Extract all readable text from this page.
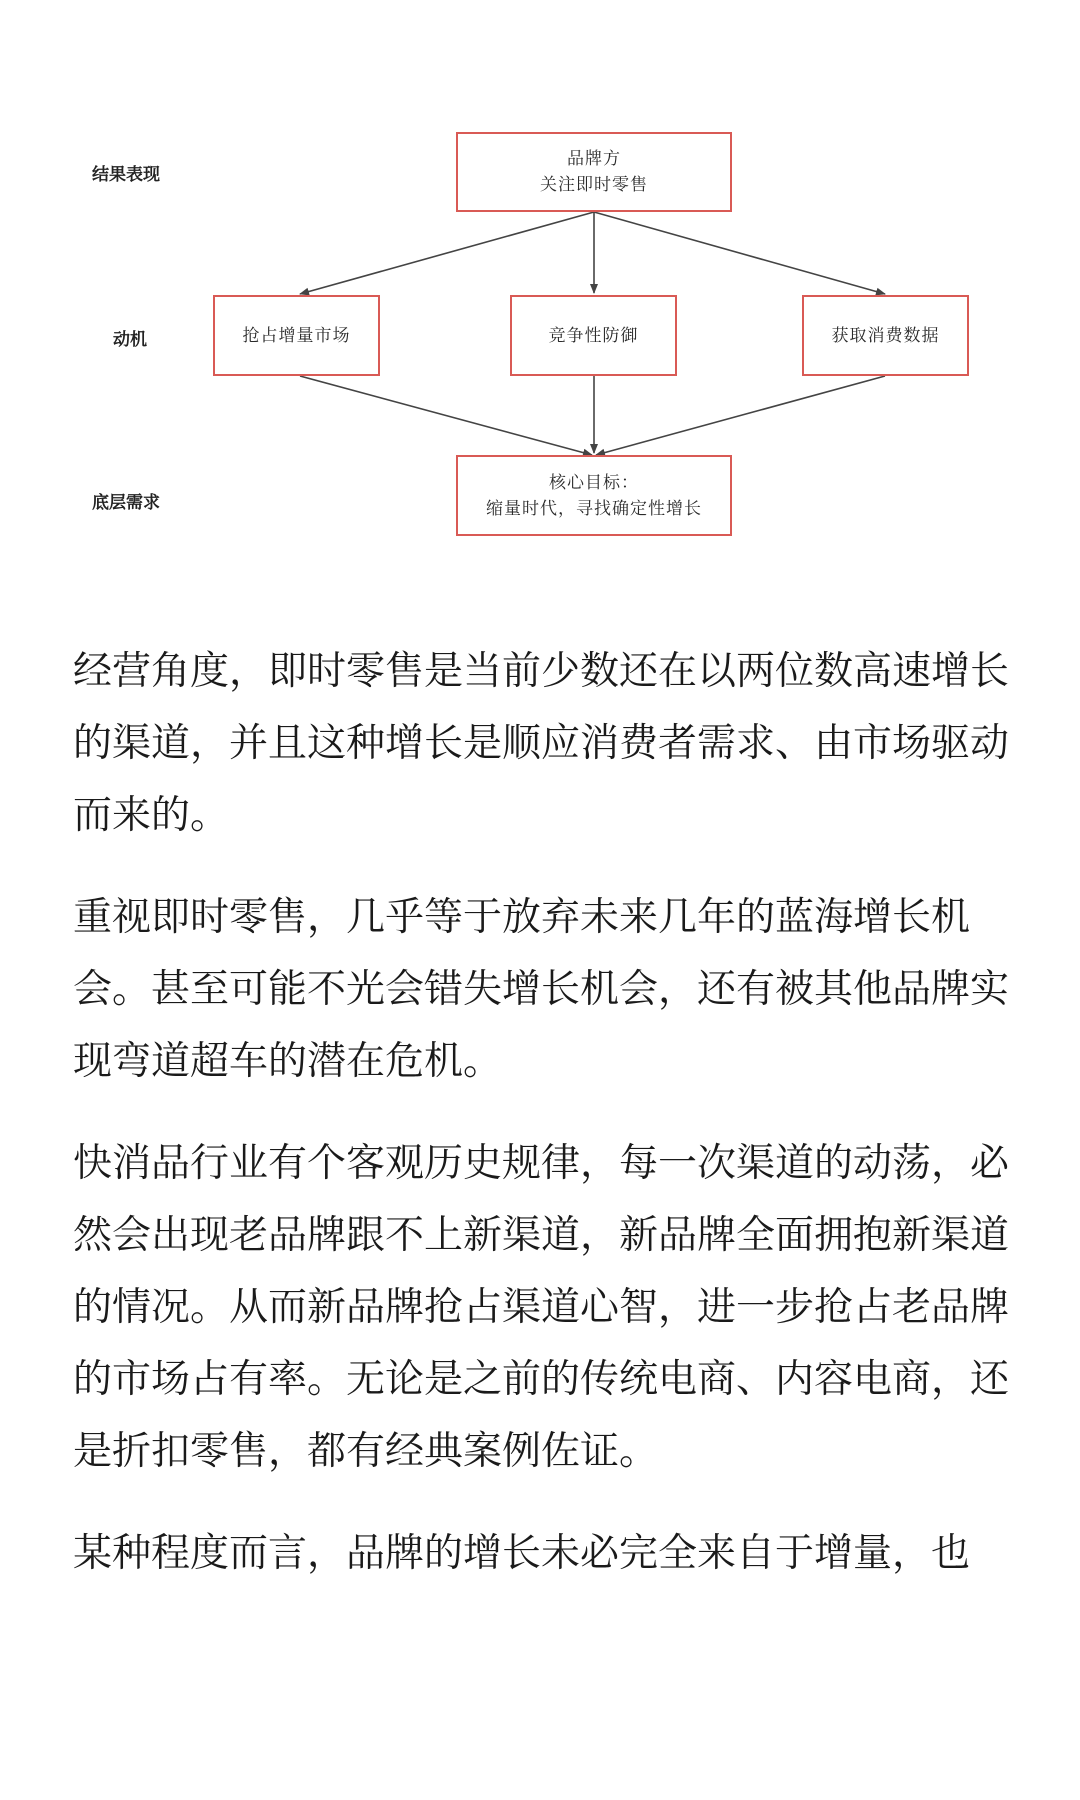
结果表现
动机
底层需求
品牌方
关注即时零售
抢占增量市场	竞争性防御	获取消费数据
核心目标：
缩量时代，寻找确定性增长

经营角度，即时零售是当前少数还在以两位数高速增长的渠道，并且这种增长是顺应消费者需求、由市场驱动而来的。

重视即时零售，几乎等于放弃未来几年的蓝海增长机会。甚至可能不光会错失增长机会，还有被其他品牌实现弯道超车的潜在危机。

快消品行业有个客观历史规律，每一次渠道的动荡，必然会出现老品牌跟不上新渠道，新品牌全面拥抱新渠道的情况。从而新品牌抢占渠道心智，进一步抢占老品牌的市场占有率。无论是之前的传统电商、内容电商，还是折扣零售，都有经典案例佐证。

某种程度而言，品牌的增长未必完全来自于增量，也
